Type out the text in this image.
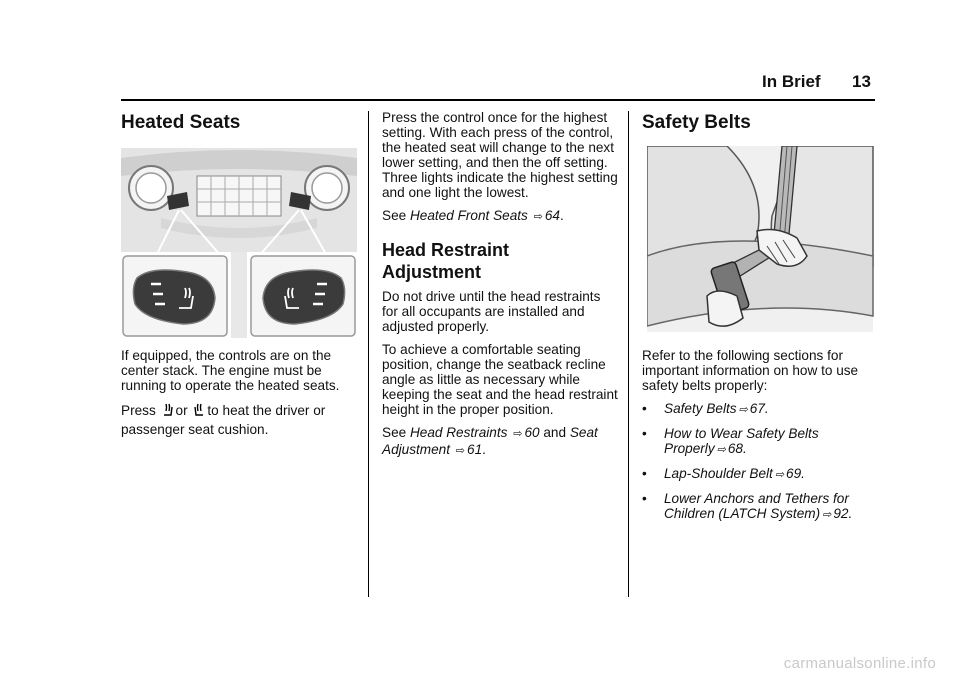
In Brief 13
Heated Seats

If equipped, the controls are on the center stack. The engine must be running to operate the heated seats.

Press or to heat the driver or passenger seat cushion.

Press the control once for the highest setting. With each press of the control, the heated seat will change to the next lower setting, and then the off setting. Three lights indicate the highest setting and one light the lowest.

See Heated Front Seats ⇨ 64.

Head Restraint Adjustment

Do not drive until the head restraints for all occupants are installed and adjusted properly.

To achieve a comfortable seating position, change the seatback recline angle as little as necessary while keeping the seat and the head restraint height in the proper position.

See Head Restraints ⇨ 60 and Seat Adjustment ⇨ 61.

Safety Belts

Refer to the following sections for important information on how to use safety belts properly:

•	Safety Belts ⇨ 67.
•	How to Wear Safety Belts Properly ⇨ 68.
•	Lap-Shoulder Belt ⇨ 69.
•	Lower Anchors and Tethers for Children (LATCH System) ⇨ 92.
carmanualsonline.info
